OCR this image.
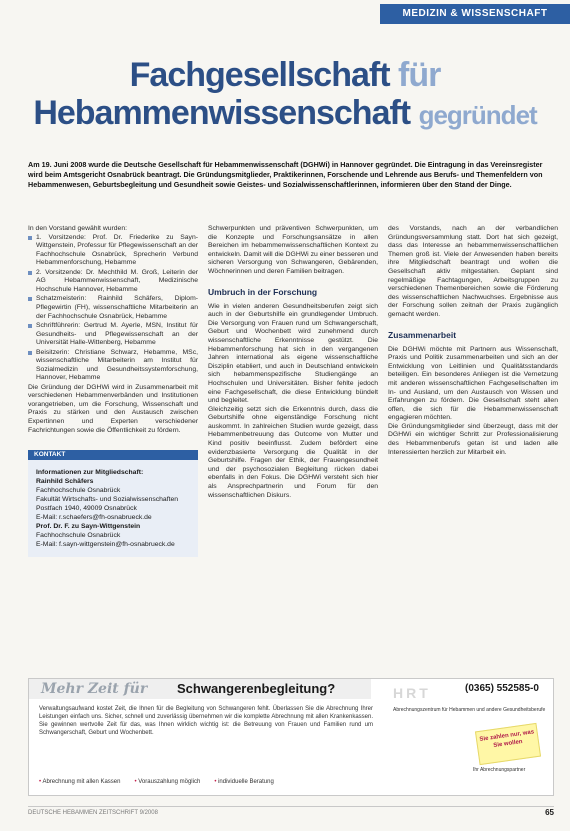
MEDIZIN & WISSENSCHAFT
Fachgesellschaft für
Hebammenwissenschaft gegründet
Am 19. Juni 2008 wurde die Deutsche Gesellschaft für Hebammenwissenschaft (DGHWi) in Hannover gegründet. Die Eintragung in das Vereinsregister wird beim Amtsgericht Osnabrück beantragt. Die Gründungsmitglieder, Praktikerinnen, Forschende und Lehrende aus Berufs- und Themenfeldern von Hebammenwesen, Geburtsbegleitung und Gesundheit sowie Geistes- und Sozialwissenschaftlerinnen, informieren über den Stand der Dinge.

In den Vorstand gewählt wurden:

1. Vorsitzende: Prof. Dr. Friederike zu Sayn-Wittgenstein, Professur für Pflegewissenschaft an der Fachhochschule Osnabrück, Sprecherin Verbund Hebammenforschung, Hebamme
2. Vorsitzende: Dr. Mechthild M. Groß, Leiterin der AG Hebammenwissenschaft, Medizinische Hochschule Hannover, Hebamme
Schatzmeisterin: Rainhild Schäfers, Diplom-Pflegewirtin (FH), wissenschaftliche Mitarbeiterin an der Fachhochschule Osnabrück, Hebamme
Schriftführerin: Gertrud M. Ayerle, MSN, Institut für Gesundheits- und Pflegewissenschaft an der Universität Halle-Wittenberg, Hebamme
Beisitzerin: Christiane Schwarz, Hebamme, MSc, wissenschaftliche Mitarbeiterin am Institut für Sozialmedizin und Gesundheitssystemforschung, Hannover, Hebamme

Die Gründung der DGHWi wird in Zusammenarbeit mit verschiedenen Hebammenverbänden und Institutionen vorangetrieben, um die Forschung, Wissenschaft und Praxis zu stärken und den Austausch zwischen Expertinnen und Experten verschiedener Fachrichtungen sowie die Öffentlichkeit zu fördern.

Schwerpunkten und präventiven Schwerpunkten, um die Konzepte und Forschungsansätze in allen Bereichen im hebammenwissenschaftlichen Kontext zu entwickeln. Damit will die DGHWi zu einer besseren und sicheren Versorgung von Schwangeren, Gebärenden, Wöchnerinnen und deren Familien beitragen.

Umbruch in der Forschung

Wie in vielen anderen Gesundheitsberufen zeigt sich auch in der Geburtshilfe ein grundlegender Umbruch. Die Versorgung von Frauen rund um Schwangerschaft, Geburt und Wochenbett wird zunehmend durch wissenschaftliche Erkenntnisse gestützt. Die Hebammenforschung hat sich in den vergangenen Jahren international als eigene wissenschaftliche Disziplin etabliert, und auch in Deutschland entwickeln sich hebammenspezifische Studiengänge an Hochschulen und Universitäten. Bisher fehlte jedoch eine Fachgesellschaft, die diese Entwicklung bündelt und begleitet.

Gleichzeitig setzt sich die Erkenntnis durch, dass die Geburtshilfe ohne eigenständige Forschung nicht auskommt. In zahlreichen Studien wurde gezeigt, dass Hebammenbetreuung das Outcome von Mutter und Kind positiv beeinflusst. Zudem befördert eine evidenzbasierte Versorgung die Qualität in der Geburtshilfe. Fragen der Ethik, der Frauengesundheit und der psychosozialen Begleitung rücken dabei ebenfalls in den Fokus. Die DGHWi versteht sich hier als Ansprechpartnerin und Forum für den wissenschaftlichen Diskurs.

des Vorstands, nach an der verbandlichen Gründungsversammlung statt. Dort hat sich gezeigt, dass das Interesse an hebammenwissenschaftlichen Themen groß ist. Viele der Anwesenden haben bereits ihre Mitgliedschaft beantragt und wollen die Gesellschaft aktiv mitgestalten. Geplant sind regelmäßige Fachtagungen, Arbeitsgruppen zu verschiedenen Themenbereichen sowie die Förderung des wissenschaftlichen Nachwuchses. Ergebnisse aus der Forschung sollen zeitnah der Praxis zugänglich gemacht werden.

Zusammenarbeit

Die DGHWi möchte mit Partnern aus Wissenschaft, Praxis und Politik zusammenarbeiten und sich an der Entwicklung von Leitlinien und Qualitätsstandards beteiligen. Ein besonderes Anliegen ist die Vernetzung mit anderen wissenschaftlichen Fachgesellschaften im In- und Ausland, um den Austausch von Wissen und Erfahrungen zu fördern. Die Gesellschaft steht allen offen, die sich für die Hebammenwissenschaft engagieren möchten.

Die Gründungsmitglieder sind überzeugt, dass mit der DGHWi ein wichtiger Schritt zur Professionalisierung des Hebammenberufs getan ist und laden alle Interessierten herzlich zur Mitarbeit ein.

KONTAKT
Informationen zur Mitgliedschaft:
Rainhild Schäfers
Fachhochschule Osnabrück
Fakultät Wirtschafts- und Sozialwissenschaften
Postfach 1940, 49009 Osnabrück
E-Mail: r.schaefers@fh-osnabrueck.de
Prof. Dr. F. zu Sayn-Wittgenstein
Fachhochschule Osnabrück
E-Mail: f.sayn-wittgenstein@fh-osnabrueck.de
Mehr Zeit für Schwangerenbegleitung?
Verwaltungsaufwand kostet Zeit, die Ihnen für die Begleitung von Schwangeren fehlt. Überlassen Sie die Abrechnung Ihrer Leistungen einfach uns. Sicher, schnell und zuverlässig übernehmen wir die komplette Abrechnung mit allen Krankenkassen. Sie gewinnen wertvolle Zeit für das, was Ihnen wirklich wichtig ist: die Betreuung von Frauen und Familien rund um Schwangerschaft, Geburt und Wochenbett.
• Abrechnung mit allen Kassen	• Vorauszahlung möglich	• individuelle Beratung
HRT	(0365) 552585-0
Abrechnungszentrum für Hebammen und andere Gesundheitsberufe
Sie zahlen nur, was Sie wollen
Ihr Abrechnungspartner
DEUTSCHE HEBAMMEN ZEITSCHRIFT 9/2008	65
